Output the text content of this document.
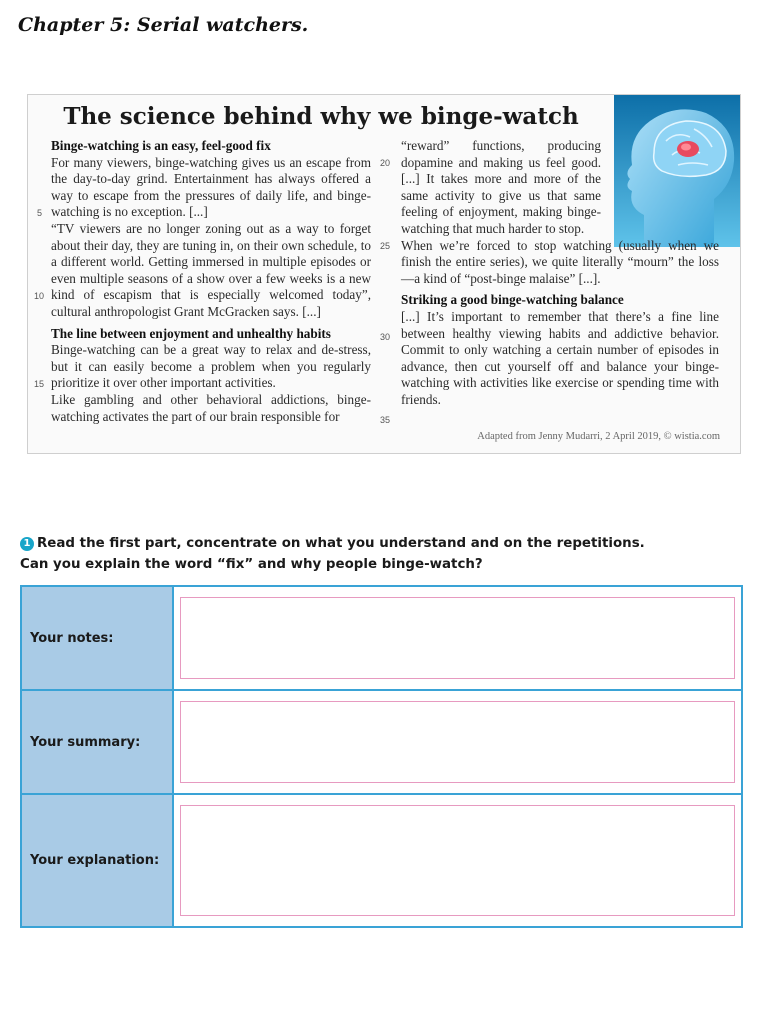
Chapter 5: Serial watchers.
The science behind why we binge-watch
Binge-watching is an easy, feel-good fix

For many viewers, binge-watching gives us an escape from the day-to-day grind. Entertainment has always offered a way to escape from the pressures of daily life, and binge-watching is no exception. [...]

“TV viewers are no longer zoning out as a way to forget about their day, they are tuning in, on their own schedule, to a different world. Getting immersed in multiple episodes or even multiple seasons of a show over a few weeks is a new kind of escapism that is especially welcomed today”, cultural anthropologist Grant McGracken says. [...]

The line between enjoyment and unhealthy habits

Binge-watching can be a great way to relax and de-stress, but it can easily become a problem when you regularly prioritize it over other important activities.

Like gambling and other behavioral addictions, binge-watching activates the part of our brain responsible for

“reward” functions, producing dopamine and making us feel good. [...] It takes more and more of the same activity to give us that same feeling of enjoyment, making binge-watching that much harder to stop.

When we’re forced to stop watching (usually when we finish the entire series), we quite literally “mourn” the loss—a kind of “post-binge malaise” [...].

Striking a good binge-watching balance

[...] It’s important to remember that there’s a fine line between healthy viewing habits and addictive behavior. Commit to only watching a certain number of episodes in advance, then cut yourself off and balance your binge-watching with activities like exercise or spending time with friends.

5
10
15
20
25
30
35
Adapted from Jenny Mudarri, 2 April 2019, © wistia.com
1 Read the first part, concentrate on what you understand and on the repetitions.
Can you explain the word “fix” and why people binge-watch?
Your notes:
Your summary:
Your explanation:
